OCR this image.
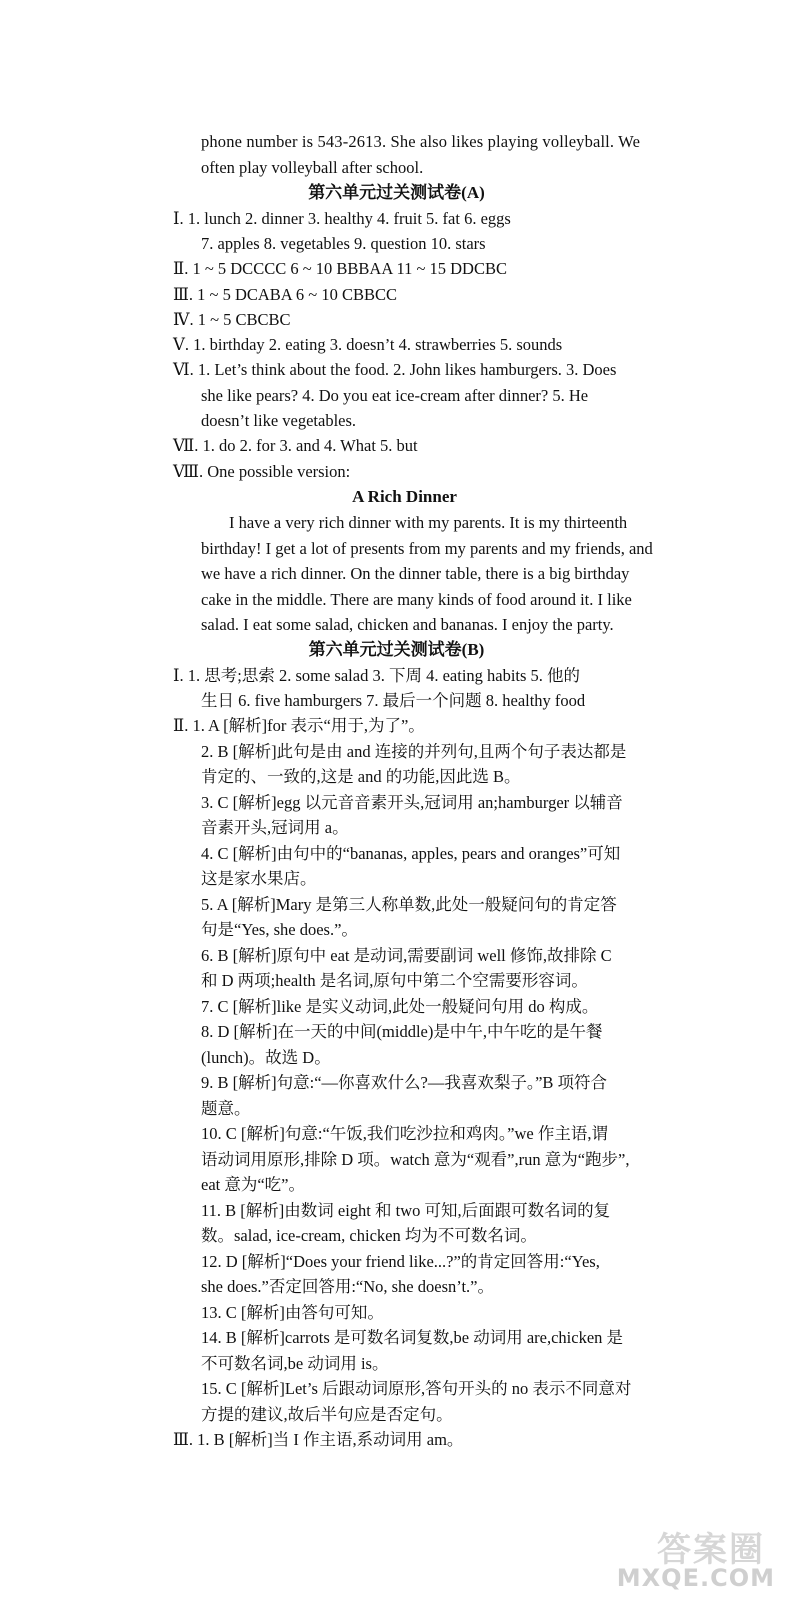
phone number is 543-2613. She also likes playing volleyball. We
often play volleyball after school.
第六单元过关测试卷(A)
Ⅰ. 1. lunch 2. dinner 3. healthy 4. fruit 5. fat 6. eggs
7. apples 8. vegetables 9. question 10. stars
Ⅱ. 1 ~ 5 DCCCC 6 ~ 10 BBBAA 11 ~ 15 DDCBC
Ⅲ. 1 ~ 5 DCABA 6 ~ 10 CBBCC
Ⅳ. 1 ~ 5 CBCBC
Ⅴ. 1. birthday 2. eating 3. doesn’t 4. strawberries 5. sounds
Ⅵ. 1. Let’s think about the food. 2. John likes hamburgers. 3. Does
she like pears? 4. Do you eat ice-cream after dinner? 5. He
doesn’t like vegetables.
Ⅶ. 1. do 2. for 3. and 4. What 5. but
Ⅷ. One possible version:
A Rich Dinner
I have a very rich dinner with my parents. It is my thirteenth
birthday! I get a lot of presents from my parents and my friends, and
we have a rich dinner. On the dinner table, there is a big birthday
cake in the middle. There are many kinds of food around it. I like
salad. I eat some salad, chicken and bananas. I enjoy the party.
第六单元过关测试卷(B)
Ⅰ. 1. 思考;思索 2. some salad 3. 下周 4. eating habits 5. 他的
生日 6. five hamburgers 7. 最后一个问题 8. healthy food
Ⅱ. 1. A [解析]for 表示“用于,为了”。
2. B [解析]此句是由 and 连接的并列句,且两个句子表达都是
肯定的、一致的,这是 and 的功能,因此选 B。
3. C [解析]egg 以元音音素开头,冠词用 an;hamburger 以辅音
音素开头,冠词用 a。
4. C [解析]由句中的“bananas, apples, pears and oranges”可知
这是家水果店。
5. A [解析]Mary 是第三人称单数,此处一般疑问句的肯定答
句是“Yes, she does.”。
6. B [解析]原句中 eat 是动词,需要副词 well 修饰,故排除 C
和 D 两项;health 是名词,原句中第二个空需要形容词。
7. C [解析]like 是实义动词,此处一般疑问句用 do 构成。
8. D [解析]在一天的中间(middle)是中午,中午吃的是午餐
(lunch)。故选 D。
9. B [解析]句意:“—你喜欢什么?—我喜欢梨子。”B 项符合
题意。
10. C [解析]句意:“午饭,我们吃沙拉和鸡肉。”we 作主语,谓
语动词用原形,排除 D 项。watch 意为“观看”,run 意为“跑步”,
eat 意为“吃”。
11. B [解析]由数词 eight 和 two 可知,后面跟可数名词的复
数。salad, ice-cream, chicken 均为不可数名词。
12. D [解析]“Does your friend like...?”的肯定回答用:“Yes,
she does.”否定回答用:“No, she doesn’t.”。
13. C [解析]由答句可知。
14. B [解析]carrots 是可数名词复数,be 动词用 are,chicken 是
不可数名词,be 动词用 is。
15. C [解析]Let’s 后跟动词原形,答句开头的 no 表示不同意对
方提的建议,故后半句应是否定句。
Ⅲ. 1. B [解析]当 I 作主语,系动词用 am。
答案圈
MXQE.COM
